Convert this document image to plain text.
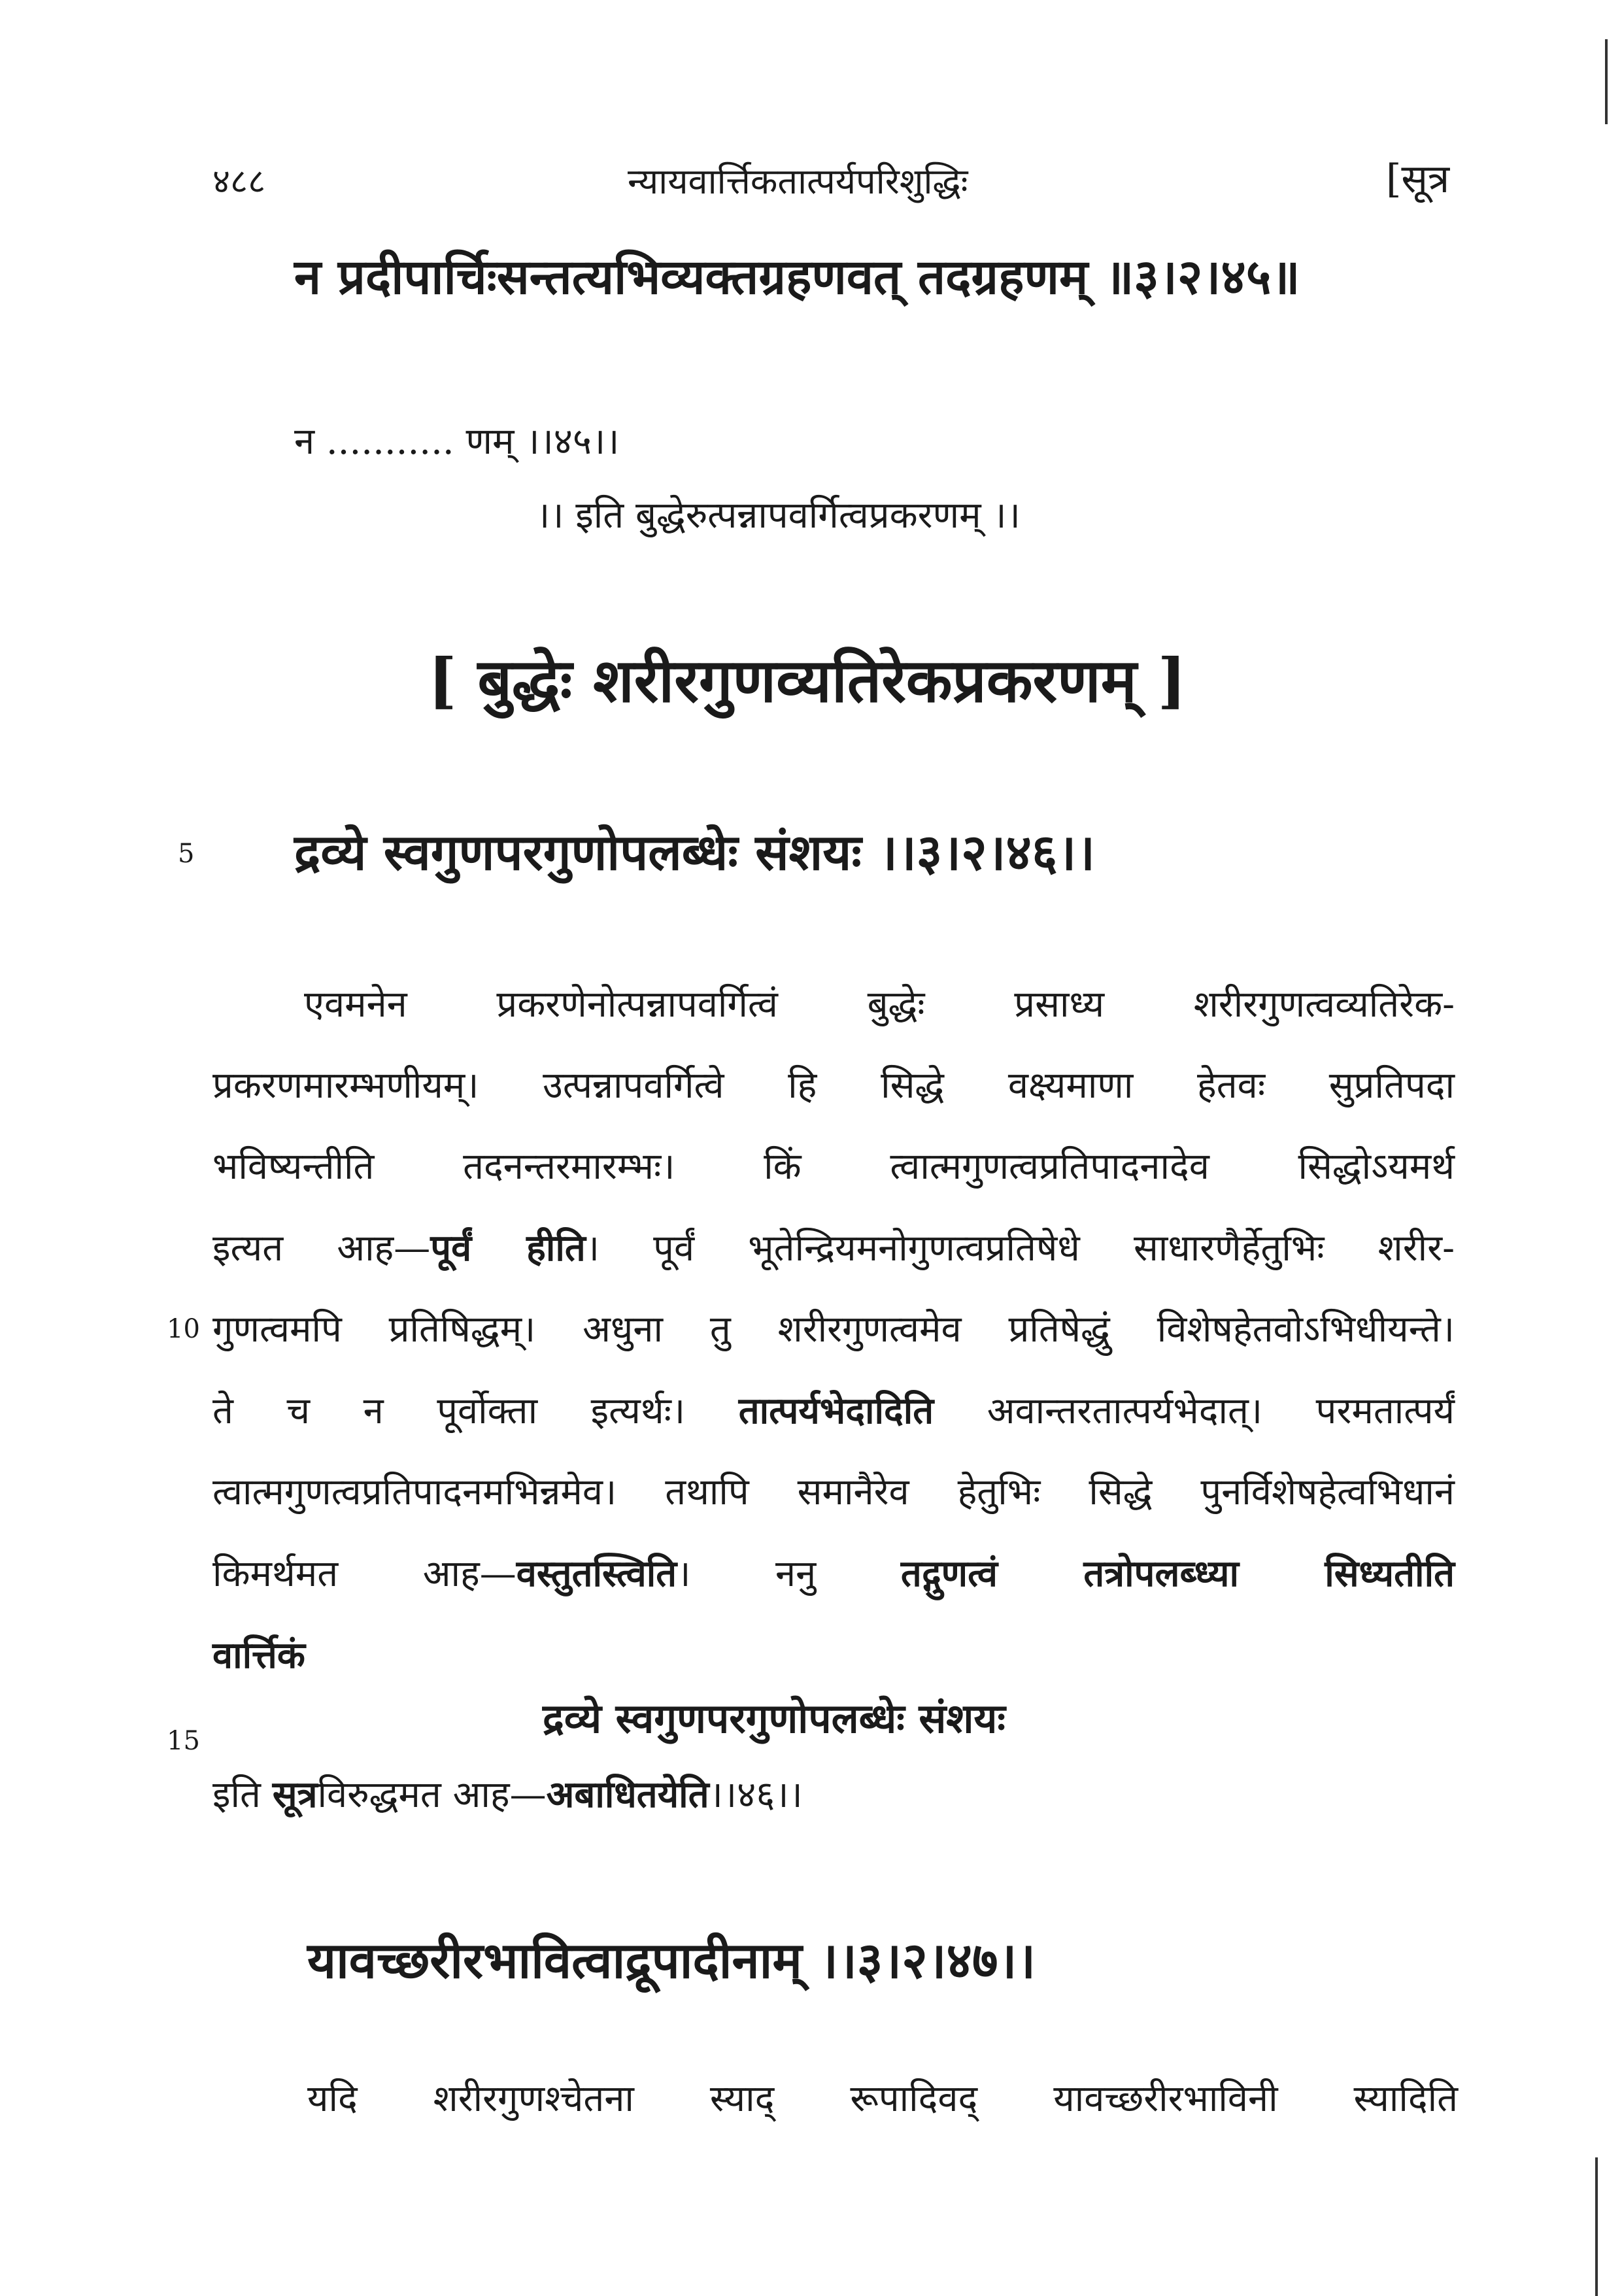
४८८	न्यायवार्त्तिकतात्पर्यपरिशुद्धिः	[सूत्र
न प्रदीपार्चिःसन्तत्यभिव्यक्तग्रहणवत् तदग्रहणम् ॥३।२।४५॥
न ........... णम् ।।४५।।
।। इति बुद्धेरुत्पन्नापवर्गित्वप्रकरणम् ।।
[ बुद्धेः शरीरगुणव्यतिरेकप्रकरणम् ]
5
10
15
द्रव्ये स्वगुणपरगुणोपलब्धेः संशयः ।।३।२।४६।।
एवमनेन प्रकरणेनोत्पन्नापवर्गित्वं बुद्धेः प्रसाध्य शरीरगुणत्वव्यतिरेक-
प्रकरणमारम्भणीयम्। उत्पन्नापवर्गित्वे हि सिद्धे वक्ष्यमाणा हेतवः सुप्रतिपदा
भविष्यन्तीति तदनन्तरमारम्भः। किं त्वात्मगुणत्वप्रतिपादनादेव सिद्धोऽयमर्थ
इत्यत आह—पूर्वं हीति। पूर्वं भूतेन्द्रियमनोगुणत्वप्रतिषेधे साधारणैर्हेतुभिः शरीर-
गुणत्वमपि प्रतिषिद्धम्। अधुना तु शरीरगुणत्वमेव प्रतिषेद्धुं विशेषहेतवोऽभिधीयन्ते।
ते च न पूर्वोक्ता इत्यर्थः। तात्पर्यभेदादिति अवान्तरतात्पर्यभेदात्। परमतात्पर्यं
त्वात्मगुणत्वप्रतिपादनमभिन्नमेव। तथापि समानैरेव हेतुभिः सिद्धे पुनर्विशेषहेत्वभिधानं
किमर्थमत आह—वस्तुतस्त्विति। ननु तद्गुणत्वं तत्रोपलब्ध्या सिध्यतीति
वार्त्तिकं
द्रव्ये स्वगुणपरगुणोपलब्धेः संशयः
इति सूत्रविरुद्धमत आह—अबाधितयेति।।४६।।
यावच्छरीरभावित्वाद्रूपादीनाम् ।।३।२।४७।।
यदि शरीरगुणश्चेतना स्याद् रूपादिवद् यावच्छरीरभाविनी स्यादिति
